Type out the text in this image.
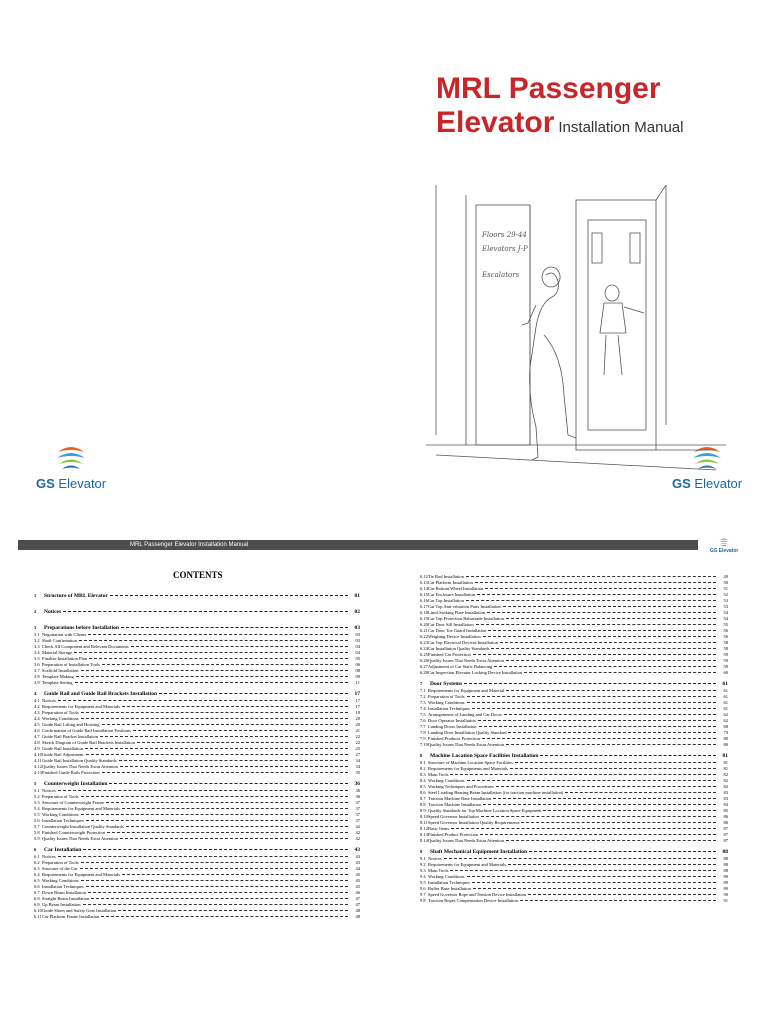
MRL Passenger
Elevator Installation Manual
GS Elevator	GS Elevator
Floors 29-44
Elevators J-P
Escalators
MRL Passenger Elevator Installation Manual
GS Elevator
CONTENTS
1	Structure of MRL Elevator	01
2	Notices	02
3	Preparations before Installation	03
3.1 Negotiation with Clients	03
3.2 Shaft Confirmation	03
3.3 Check All Component and Relevant Documents	04
3.4 Material Storage	04
3.5 Finalize Installation Plan	05
3.6 Preparation of Installation Tools	06
3.7 Scaffold Installation	08
3.8 Template Making	09
3.9 Template Setting	11
4	Guide Rail and Guide Rail Brackets Installation	17
4.1 Notices	17
4.2 Requirements for Equipment and Materials	17
4.3 Preparation of Tools	18
4.4 Working Conditions	20
4.5 Guide Rail Lifting and Hoisting	20
4.6 Confirmation of Guide Rail Installation Positions	21
4.7 Guide Rail Bracket Installation	22
4.8 Sketch Diagram of Guide Rail Brackets Installation	22
4.9 Guide Rail Installation	25
4.10 Guide Rail Adjustment	27
4.11 Guide Rail Installation Quality Standards	34
4.12 Quality Issues That Needs Extra Attention	34
4.13 Finished Guide Rails Protection	35
5	Counterweight Installation	36
5.1 Notices	36
5.2 Preparation of Tools	36
5.3 Structure of Counterweight Frame	37
5.4 Requirements for Equipment and Materials	37
5.5 Working Conditions	37
5.6 Installation Techniques	37
5.7 Counterweight Installation Quality Standards	42
5.8 Finished Counterweight Protection	42
5.9 Quality Issues That Needs Extra Attention	42
6	Car Installation	43
6.1 Notices	43
6.2 Preparation of Tools	43
6.3 Structure of the Car	44
6.4 Requirements for Equipment and Materials	45
6.5 Working Conditions	45
6.6 Installation Techniques	45
6.7 Down Beam Installation	46
6.8 Straight Beam Installation	47
6.9 Up Beam Installation	47
6.10 Guide Shoes and Safety Gear Installation	48
6.11 Car Platform Frame Installation	48
6.12 Tie Rod Installation	49
6.13 Car Platform Installation	50
6.14 Car Bottom Wheel Installation	51
6.15 Car Enclosure Installation	52
6.16 Car Top Installation	53
6.17 Car Top Anti-vibration Parts Installation	53
6.18 Limit Striking Plate Installation	54
6.19 Car Top Protection Balustrade Installation	54
6.20 Car Door Sill Installation	55
6.21 Car Door Toe Guard Installation	56
6.22 Weighing Device Installation	56
6.23 Car Top Electrical Devices Installation	58
6.24 Car Installation Quality Standards	58
6.25 Finished Car Protection	59
6.26 Quality Issues That Needs Extra Attention	59
6.27 Adjustment of Car Static Balancing	59
6.28 Car Inspection Elevator Locking Device Installation	60
7	Door Systems	61
7.1 Requirements for Equipment and Material	61
7.2 Preparation of Tools	61
7.3 Working Conditions	61
7.4 Installation Techniques	61
7.5 Arrangements of Landing and Car Doors	62
7.6 Door Operator Installation	62
7.7 Landing Doors Installation	68
7.8 Landing Door Installation Quality Standard	79
7.9 Finished Products Protection	80
7.10 Quality Issues That Needs Extra Attention	80
8	Machine Location Space Facilities Installation	81
8.1 Structure of Machine Location Space Facilities	81
8.2 Requirements for Equipments and Materials	81
8.3 Main Tools	82
8.4 Working Conditions	82
8.5 Working Techniques and Procedures	82
8.6 Steel Loading Bearing Beam Installation (for traction machine installation)	83
8.7 Traction Machine Base Installation	83
8.8 Traction Machine Installation	84
8.9 Quality Standards for Top Machine Location Space Equipment	85
8.10 Speed Governor Installation	86
8.11 Speed Governor Installation Quality Requirements	86
8.12 Basic Items	87
8.13 Finished Product Protection	87
8.14 Quality Issues That Needs Extra Attention	87
9	Shaft Mechanical Equipment Installation	88
9.1 Notices	88
9.2 Requirements for Equipment and Materials	88
9.3 Main Tools	88
9.4 Working Conditions	89
9.5 Installation Techniques	89
9.6 Buffer Base Installation	89
9.7 Speed Governor Rope and Tension Device Installation	90
9.8 Traction Ropes Compensation Device Installation	91
